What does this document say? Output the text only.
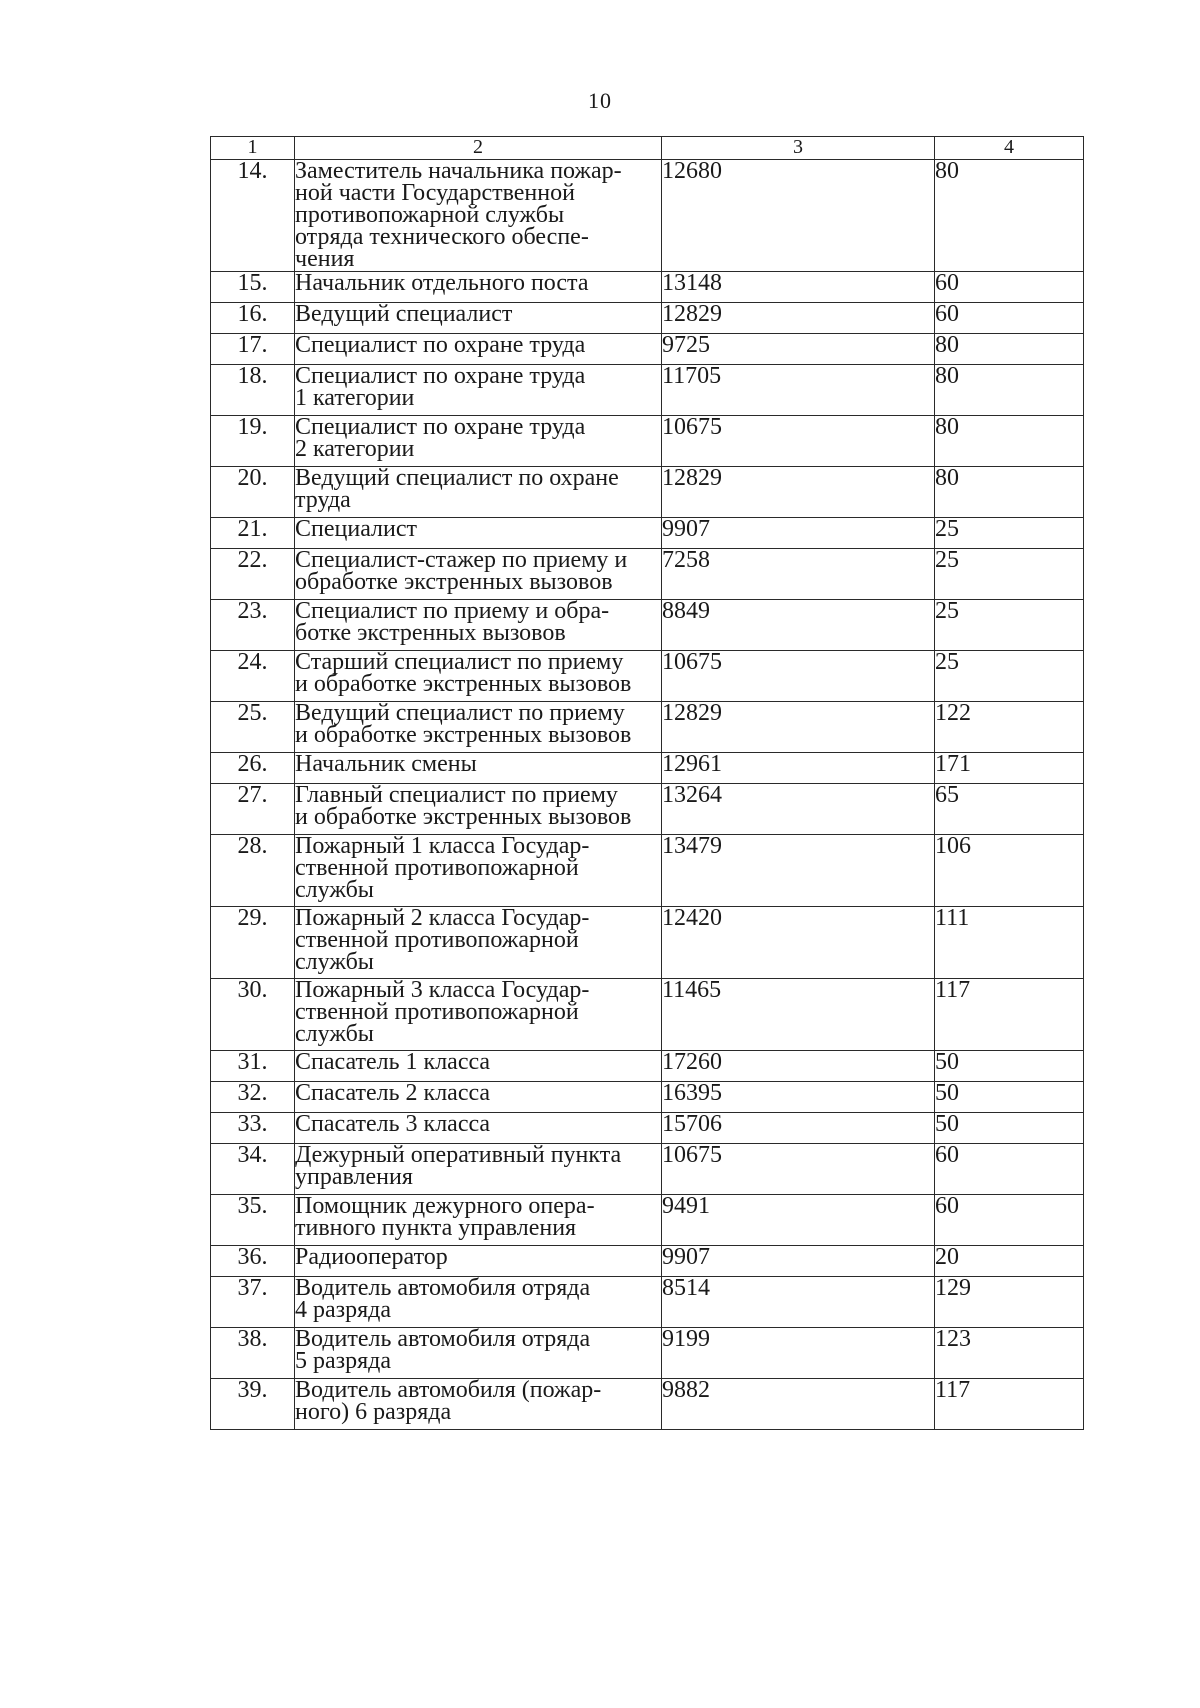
10
1	2	3	4
14.	Заместитель начальника пожар-
ной части Государственной
противопожарной службы
отряда технического обеспе-
чения	12680	80
15.	Начальник отдельного поста	13148	60
16.	Ведущий специалист	12829	60
17.	Специалист по охране труда	9725	80
18.	Специалист по охране труда
1 категории	11705	80
19.	Специалист по охране труда
2 категории	10675	80
20.	Ведущий специалист по охране
труда	12829	80
21.	Специалист	9907	25
22.	Специалист-стажер по приему и
обработке экстренных вызовов	7258	25
23.	Специалист по приему и обра-
ботке экстренных вызовов	8849	25
24.	Старший специалист по приему
и обработке экстренных вызовов	10675	25
25.	Ведущий специалист по приему
и обработке экстренных вызовов	12829	122
26.	Начальник смены	12961	171
27.	Главный специалист по приему
и обработке экстренных вызовов	13264	65
28.	Пожарный 1 класса Государ-
ственной противопожарной
службы	13479	106
29.	Пожарный 2 класса Государ-
ственной противопожарной
службы	12420	111
30.	Пожарный 3 класса Государ-
ственной противопожарной
службы	11465	117
31.	Спасатель 1 класса	17260	50
32.	Спасатель 2 класса	16395	50
33.	Спасатель 3 класса	15706	50
34.	Дежурный оперативный пункта
управления	10675	60
35.	Помощник дежурного опера-
тивного пункта управления	9491	60
36.	Радиооператор	9907	20
37.	Водитель автомобиля отряда
4 разряда	8514	129
38.	Водитель автомобиля отряда
5 разряда	9199	123
39.	Водитель автомобиля (пожар-
ного) 6 разряда	9882	117
